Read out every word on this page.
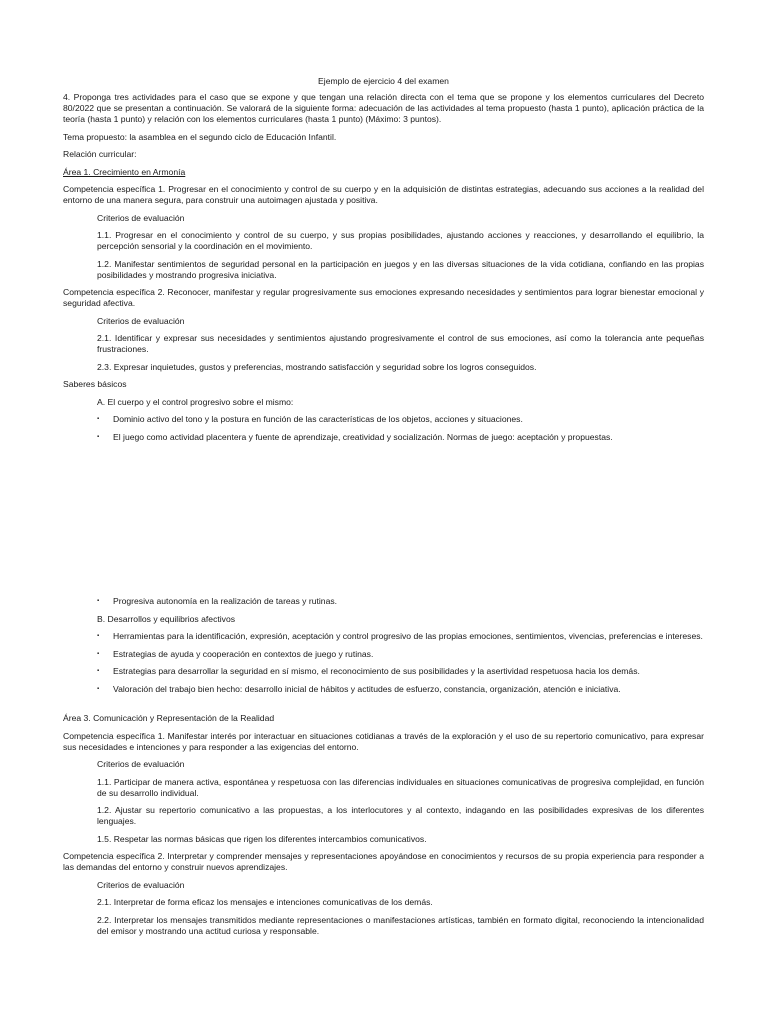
Ejemplo de ejercicio 4 del examen

4. Proponga tres actividades para el caso que se expone y que tengan una relación directa con el tema que se propone y los elementos curriculares del Decreto 80/2022 que se presentan a continuación. Se valorará de la siguiente forma: adecuación de las actividades al tema propuesto (hasta 1 punto), aplicación práctica de la teoría (hasta 1 punto) y relación con los elementos curriculares (hasta 1 punto) (Máximo: 3 puntos).

Tema propuesto: la asamblea en el segundo ciclo de Educación Infantil.

Relación curricular:

Área 1. Crecimiento en Armonía

Competencia específica 1. Progresar en el conocimiento y control de su cuerpo y en la adquisición de distintas estrategias, adecuando sus acciones a la realidad del entorno de una manera segura, para construir una autoimagen ajustada y positiva.

Criterios de evaluación

1.1. Progresar en el conocimiento y control de su cuerpo, y sus propias posibilidades, ajustando acciones y reacciones, y desarrollando el equilibrio, la percepción sensorial y la coordinación en el movimiento.

1.2. Manifestar sentimientos de seguridad personal en la participación en juegos y en las diversas situaciones de la vida cotidiana, confiando en las propias posibilidades y mostrando progresiva iniciativa.

Competencia específica 2. Reconocer, manifestar y regular progresivamente sus emociones expresando necesidades y sentimientos para lograr bienestar emocional y seguridad afectiva.

Criterios de evaluación

2.1. Identificar y expresar sus necesidades y sentimientos ajustando progresivamente el control de sus emociones, así como la tolerancia ante pequeñas frustraciones.

2.3. Expresar inquietudes, gustos y preferencias, mostrando satisfacción y seguridad sobre los logros conseguidos.

Saberes básicos

A. El cuerpo y el control progresivo sobre el mismo:

▪	Dominio activo del tono y la postura en función de las características de los objetos, acciones y situaciones.
▪	El juego como actividad placentera y fuente de aprendizaje, creatividad y socialización. Normas de juego: aceptación y propuestas.
▪	Progresiva autonomía en la realización de tareas y rutinas.

B. Desarrollos y equilibrios afectivos

▪	Herramientas para la identificación, expresión, aceptación y control progresivo de las propias emociones, sentimientos, vivencias, preferencias e intereses.
▪	Estrategias de ayuda y cooperación en contextos de juego y rutinas.
▪	Estrategias para desarrollar la seguridad en sí mismo, el reconocimiento de sus posibilidades y la asertividad respetuosa hacia los demás.
▪	Valoración del trabajo bien hecho: desarrollo inicial de hábitos y actitudes de esfuerzo, constancia, organización, atención e iniciativa.

Área 3. Comunicación y Representación de la Realidad

Competencia específica 1. Manifestar interés por interactuar en situaciones cotidianas a través de la exploración y el uso de su repertorio comunicativo, para expresar sus necesidades e intenciones y para responder a las exigencias del entorno.

Criterios de evaluación

1.1. Participar de manera activa, espontánea y respetuosa con las diferencias individuales en situaciones comunicativas de progresiva complejidad, en función de su desarrollo individual.

1.2. Ajustar su repertorio comunicativo a las propuestas, a los interlocutores y al contexto, indagando en las posibilidades expresivas de los diferentes lenguajes.

1.5. Respetar las normas básicas que rigen los diferentes intercambios comunicativos.

Competencia específica 2. Interpretar y comprender mensajes y representaciones apoyándose en conocimientos y recursos de su propia experiencia para responder a las demandas del entorno y construir nuevos aprendizajes.

Criterios de evaluación

2.1. Interpretar de forma eficaz los mensajes e intenciones comunicativas de los demás.

2.2. Interpretar los mensajes transmitidos mediante representaciones o manifestaciones artísticas, también en formato digital, reconociendo la intencionalidad del emisor y mostrando una actitud curiosa y responsable.
